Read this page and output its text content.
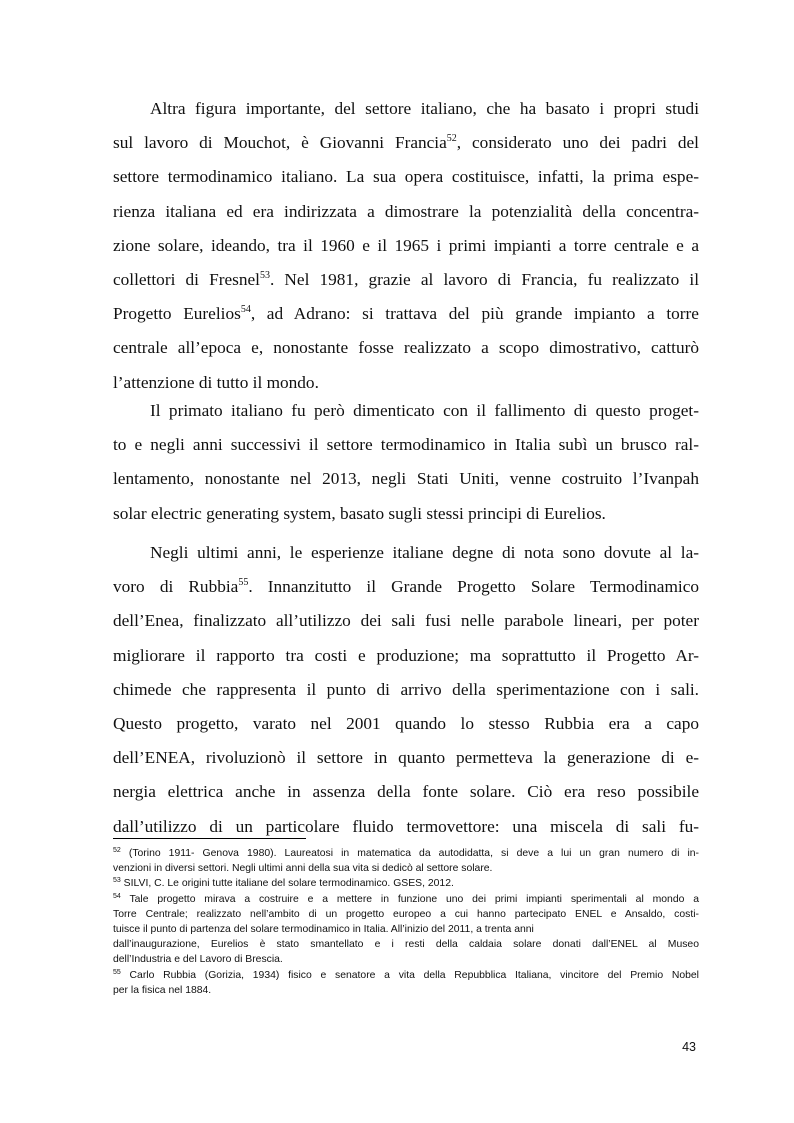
Altra figura importante, del settore italiano, che ha basato i propri studi
sul lavoro di Mouchot, è Giovanni Francia$^{52}$, considerato uno dei padri del
settore termodinamico italiano. La sua opera costituisce, infatti, la prima espe-
rienza italiana ed era indirizzata a dimostrare la potenzialità della concentra-
zione solare, ideando, tra il 1960 e il 1965 i primi impianti a torre centrale e a
collettori di Fresnel$^{53}$. Nel 1981, grazie al lavoro di Francia, fu realizzato il
Progetto Eurelios$^{54}$, ad Adrano: si trattava del più grande impianto a torre
centrale all’epoca e, nonostante fosse realizzato a scopo dimostrativo, catturò
l’attenzione di tutto il mondo.
Il primato italiano fu però dimenticato con il fallimento di questo proget-
to e negli anni successivi il settore termodinamico in Italia subì un brusco ral-
lentamento, nonostante nel 2013, negli Stati Uniti, venne costruito l’Ivanpah
solar electric generating system, basato sugli stessi principi di Eurelios.
Negli ultimi anni, le esperienze italiane degne di nota sono dovute al la-
voro di Rubbia$^{55}$. Innanzitutto il Grande Progetto Solare Termodinamico
dell’Enea, finalizzato all’utilizzo dei sali fusi nelle parabole lineari, per poter
migliorare il rapporto tra costi e produzione; ma soprattutto il Progetto Ar-
chimede che rappresenta il punto di arrivo della sperimentazione con i sali.
Questo progetto, varato nel 2001 quando lo stesso Rubbia era a capo
dell’ENEA, rivoluzionò il settore in quanto permetteva la generazione di e-
nergia elettrica anche in assenza della fonte solare. Ciò era reso possibile
dall’utilizzo di un particolare fluido termovettore: una miscela di sali fu-
$^{52}$ (Torino 1911- Genova 1980). Laureatosi in matematica da autodidatta, si deve a lui un gran numero di in-
venzioni in diversi settori. Negli ultimi anni della sua vita si dedicò al settore solare.
$^{53}$ SILVI, C. Le origini tutte italiane del solare termodinamico. GSES, 2012.
$^{54}$ Tale progetto mirava a costruire e a mettere in funzione uno dei primi impianti sperimentali al mondo a
Torre Centrale; realizzato nell’ambito di un progetto europeo a cui hanno partecipato ENEL e Ansaldo, costi-
tuisce il punto di partenza del solare termodinamico in Italia. All’inizio del 2011, a trenta anni
dall’inaugurazione, Eurelios è stato smantellato e i resti della caldaia solare donati dall’ENEL al Museo
dell’Industria e del Lavoro di Brescia.
$^{55}$ Carlo Rubbia (Gorizia, 1934) fisico e senatore a vita della Repubblica Italiana, vincitore del Premio Nobel
per la fisica nel 1884.
43
